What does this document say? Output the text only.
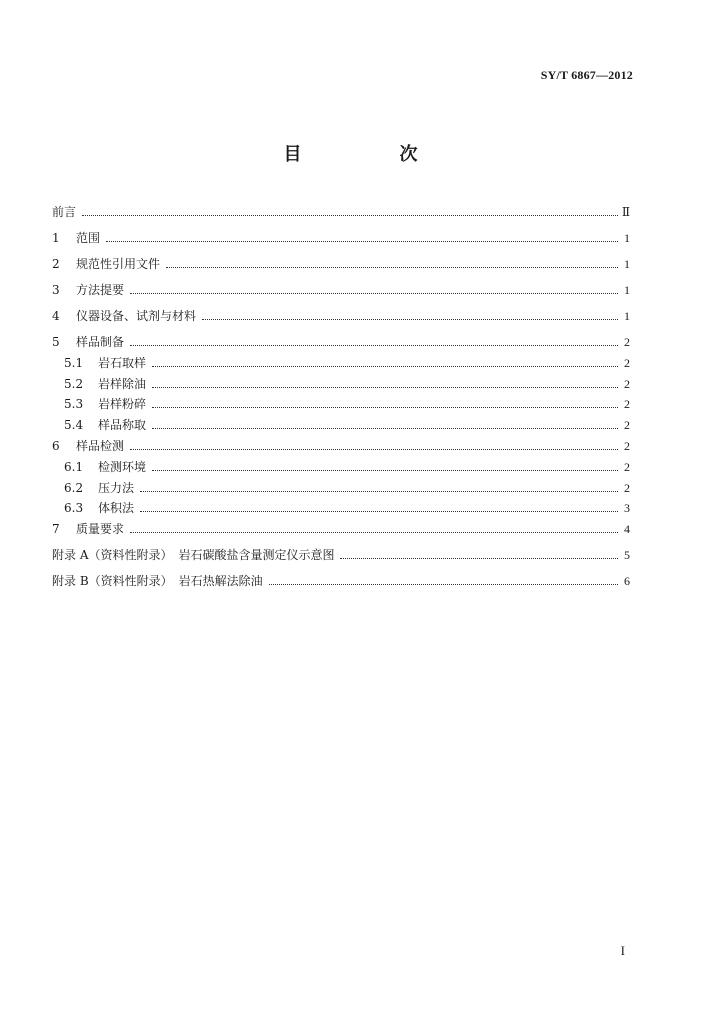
SY/T 6867—2012
目　次
前言	Ⅱ
1	范围	1
2	规范性引用文件	1
3	方法提要	1
4	仪器设备、试剂与材料	1
5	样品制备	2
5.1	岩石取样	2
5.2	岩样除油	2
5.3	岩样粉碎	2
5.4	样品称取	2
6	样品检测	2
6.1	检测环境	2
6.2	压力法	2
6.3	体积法	3
7	质量要求	4
附录 A（资料性附录）　岩石碳酸盐含量测定仪示意图	5
附录 B（资料性附录）　岩石热解法除油	6
I
